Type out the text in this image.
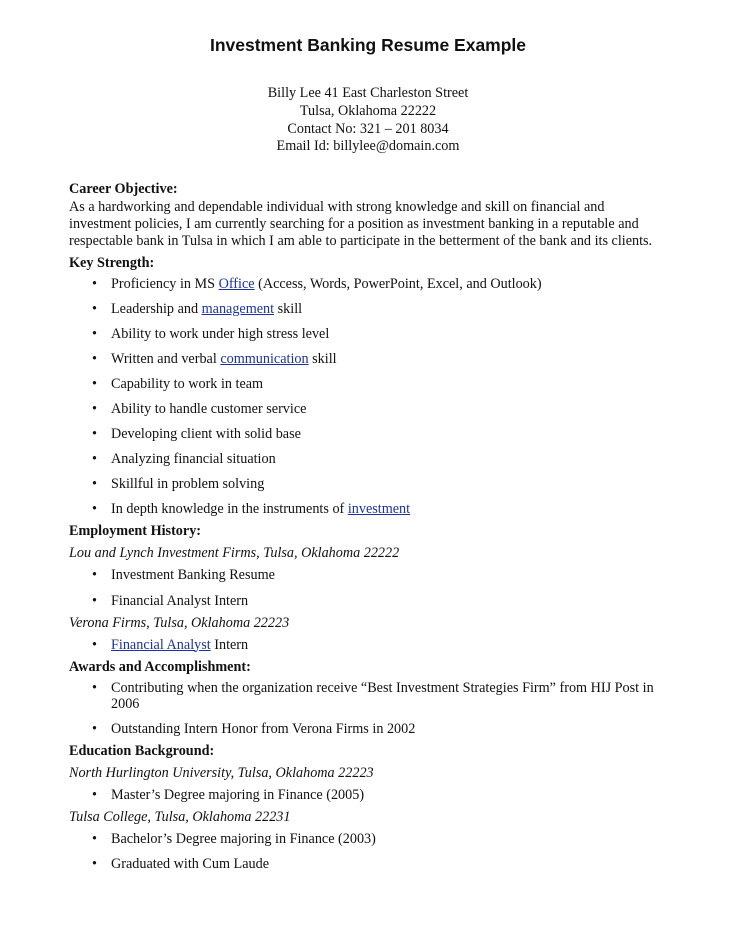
Investment Banking Resume Example
Billy Lee 41 East Charleston Street
Tulsa, Oklahoma 22222
Contact No: 321 – 201 8034
Email Id: billylee@domain.com
Career Objective:
As a hardworking and dependable individual with strong knowledge and skill on financial and
investment policies, I am currently searching for a position as investment banking in a reputable and
respectable bank in Tulsa in which I am able to participate in the betterment of the bank and its clients.
Key Strength:
• Proficiency in MS Office (Access, Words, PowerPoint, Excel, and Outlook)
• Leadership and management skill
• Ability to work under high stress level
• Written and verbal communication skill
• Capability to work in team
• Ability to handle customer service
• Developing client with solid base
• Analyzing financial situation
• Skillful in problem solving
• In depth knowledge in the instruments of investment
Employment History:
Lou and Lynch Investment Firms, Tulsa, Oklahoma 22222
• Investment Banking Resume
• Financial Analyst Intern
Verona Firms, Tulsa, Oklahoma 22223
• Financial Analyst Intern
Awards and Accomplishment:
• Contributing when the organization receive “Best Investment Strategies Firm” from HIJ Post in
2006
• Outstanding Intern Honor from Verona Firms in 2002
Education Background:
North Hurlington University, Tulsa, Oklahoma 22223
• Master’s Degree majoring in Finance (2005)
Tulsa College, Tulsa, Oklahoma 22231
• Bachelor’s Degree majoring in Finance (2003)
• Graduated with Cum Laude
